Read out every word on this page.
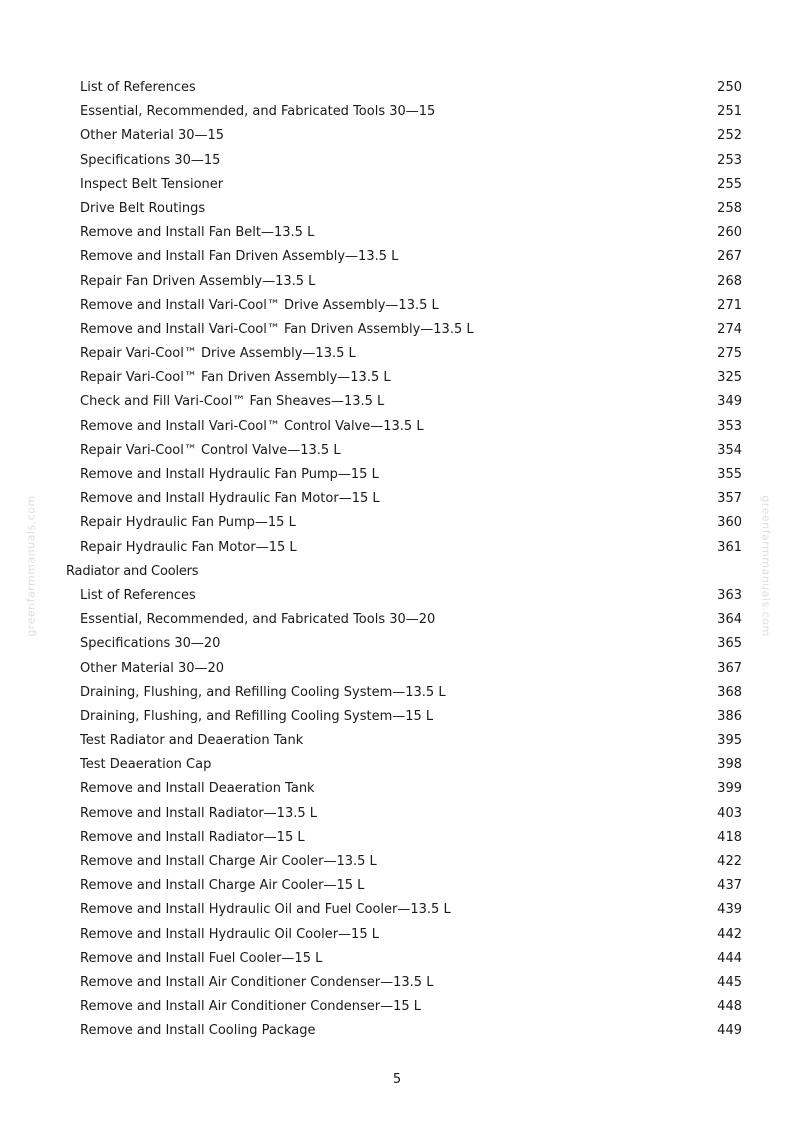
greenfarmmanuals.com	greenfarmmanuals.com
List of References	250
Essential, Recommended, and Fabricated Tools 30—15	251
Other Material 30—15	252
Specifications 30—15	253
Inspect Belt Tensioner	255
Drive Belt Routings	258
Remove and Install Fan Belt—13.5 L	260
Remove and Install Fan Driven Assembly—13.5 L	267
Repair Fan Driven Assembly—13.5 L	268
Remove and Install Vari-Cool™ Drive Assembly—13.5 L	271
Remove and Install Vari-Cool™ Fan Driven Assembly—13.5 L	274
Repair Vari-Cool™ Drive Assembly—13.5 L	275
Repair Vari-Cool™ Fan Driven Assembly—13.5 L	325
Check and Fill Vari-Cool™ Fan Sheaves—13.5 L	349
Remove and Install Vari-Cool™ Control Valve—13.5 L	353
Repair Vari-Cool™ Control Valve—13.5 L	354
Remove and Install Hydraulic Fan Pump—15 L	355
Remove and Install Hydraulic Fan Motor—15 L	357
Repair Hydraulic Fan Pump—15 L	360
Repair Hydraulic Fan Motor—15 L	361
Radiator and Coolers
List of References	363
Essential, Recommended, and Fabricated Tools 30—20	364
Specifications 30—20	365
Other Material 30—20	367
Draining, Flushing, and Refilling Cooling System—13.5 L	368
Draining, Flushing, and Refilling Cooling System—15 L	386
Test Radiator and Deaeration Tank	395
Test Deaeration Cap	398
Remove and Install Deaeration Tank	399
Remove and Install Radiator—13.5 L	403
Remove and Install Radiator—15 L	418
Remove and Install Charge Air Cooler—13.5 L	422
Remove and Install Charge Air Cooler—15 L	437
Remove and Install Hydraulic Oil and Fuel Cooler—13.5 L	439
Remove and Install Hydraulic Oil Cooler—15 L	442
Remove and Install Fuel Cooler—15 L	444
Remove and Install Air Conditioner Condenser—13.5 L	445
Remove and Install Air Conditioner Condenser—15 L	448
Remove and Install Cooling Package	449
5
